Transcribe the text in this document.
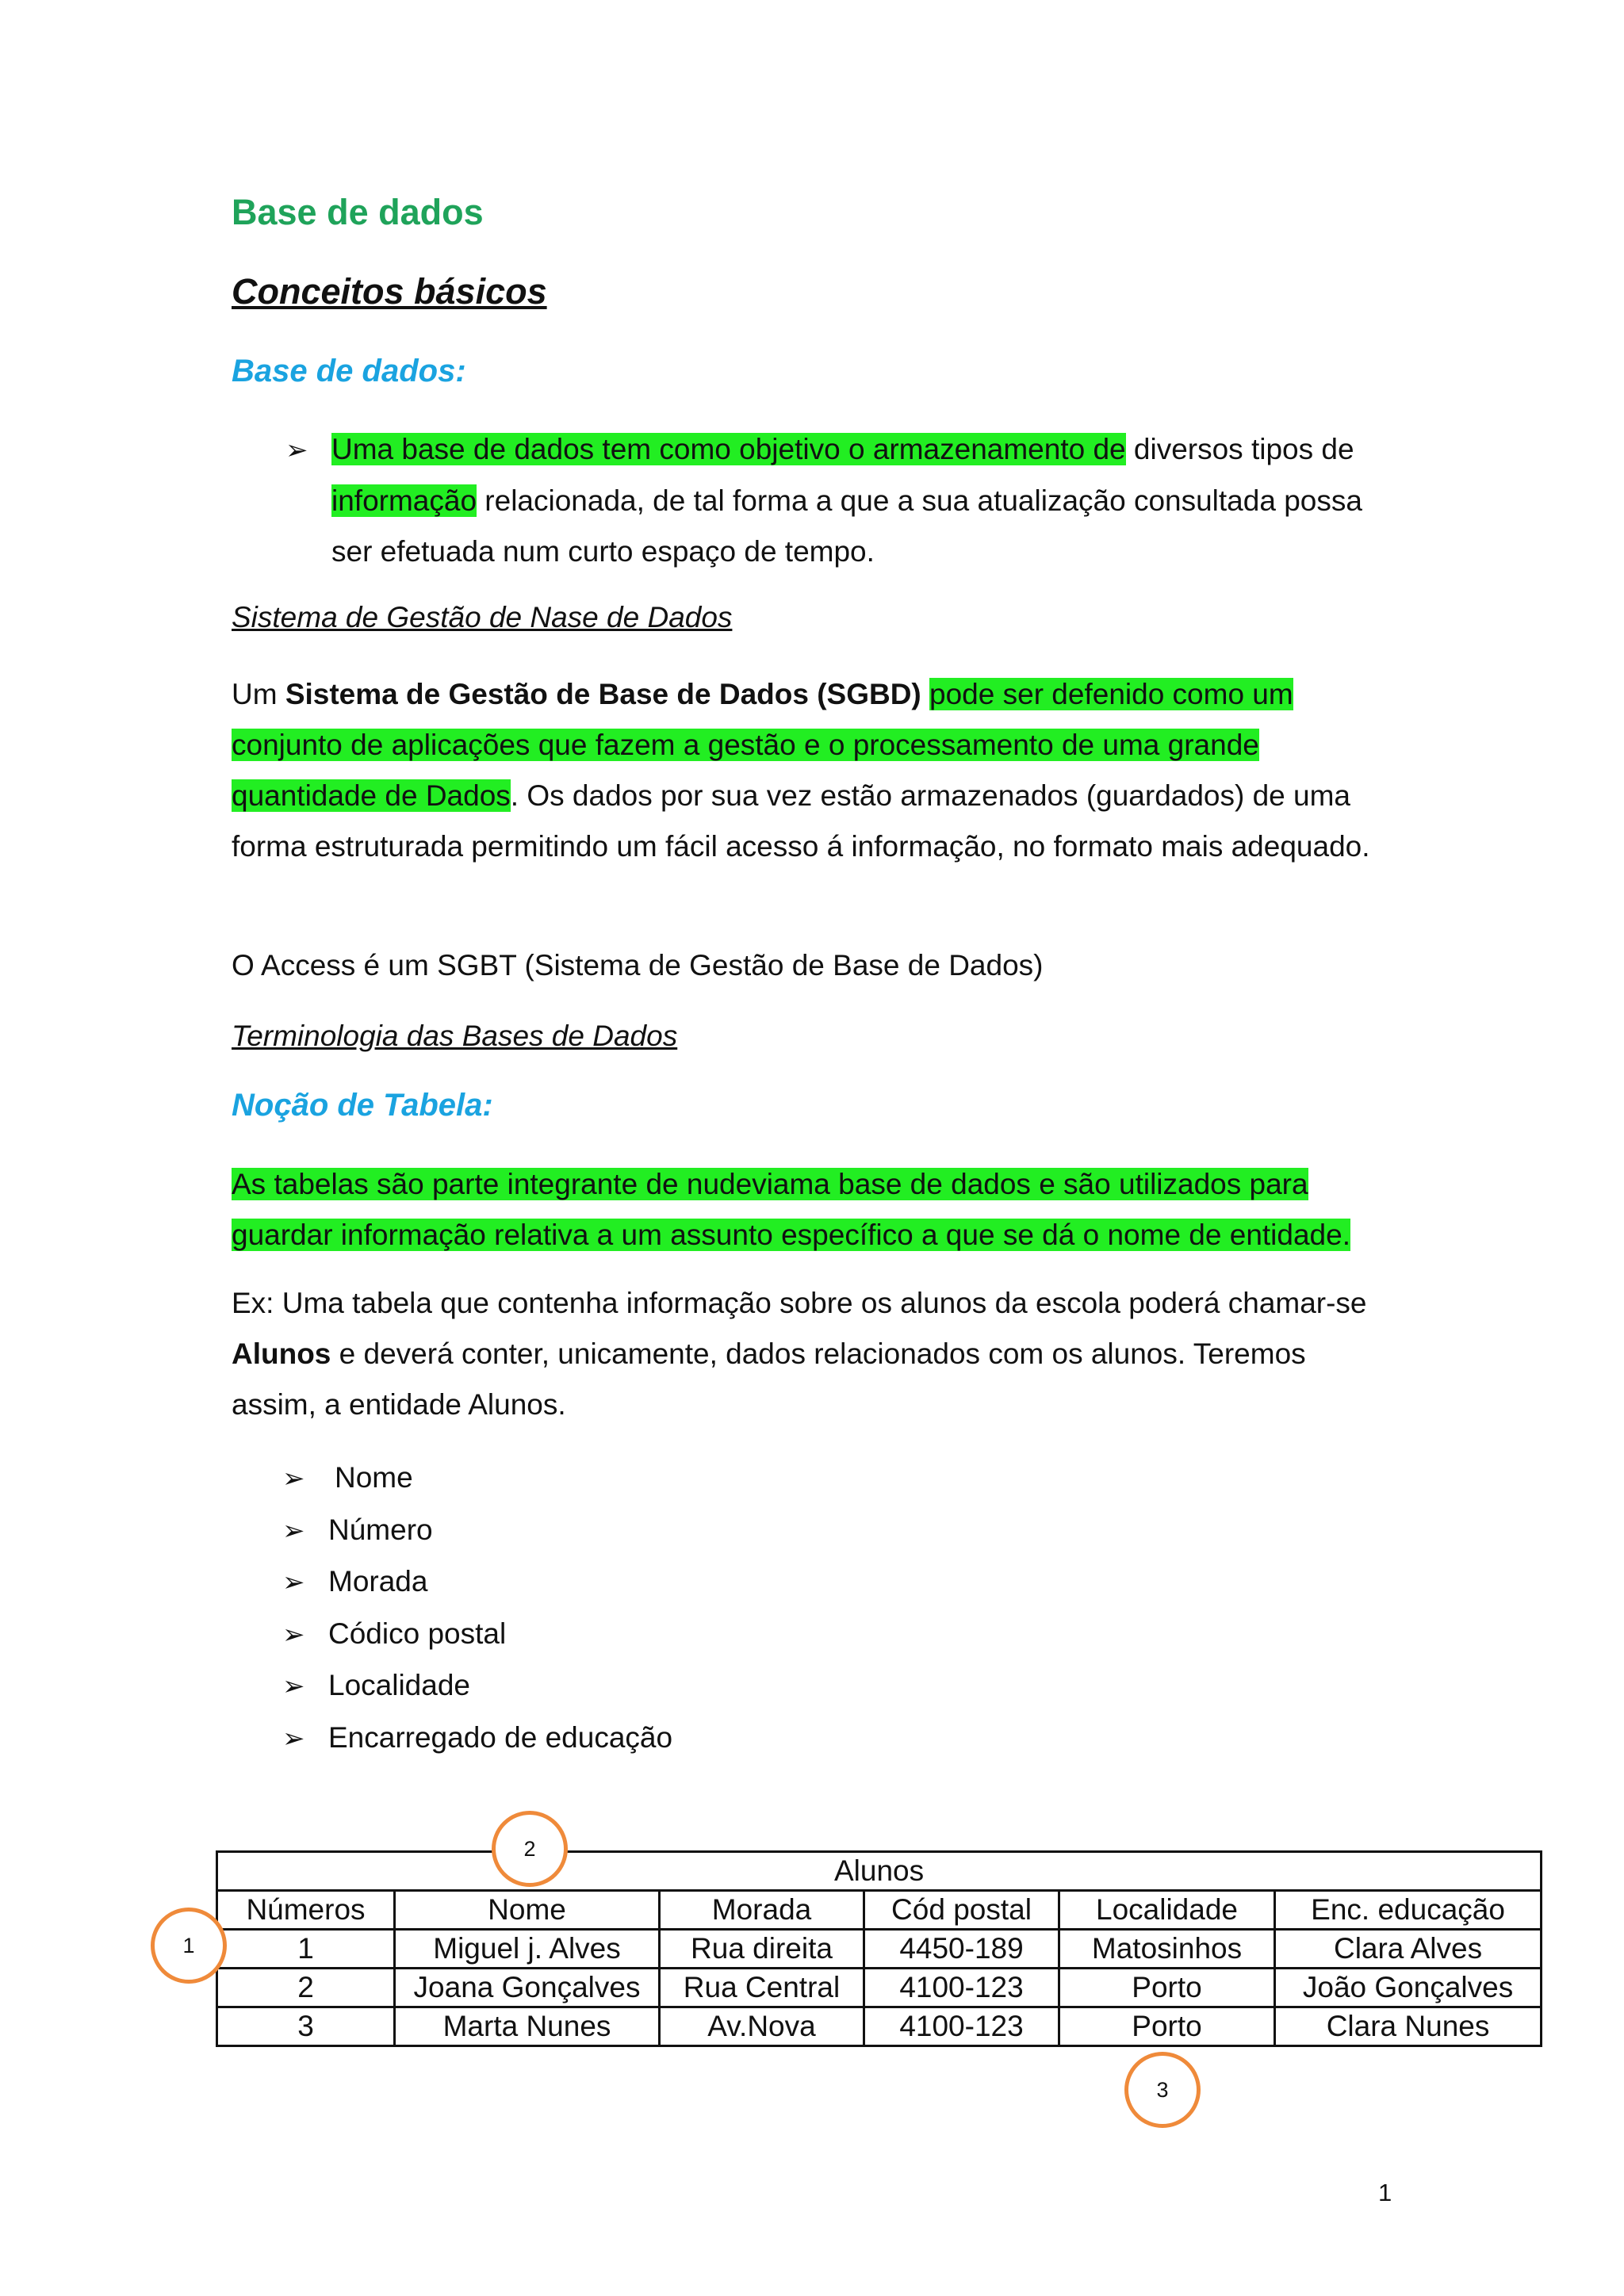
Base de dados
Conceitos básicos
Base de dados:
➢ Uma base de dados tem como objetivo o armazenamento de diversos tipos de
informação relacionada, de tal forma a que a sua atualização consultada possa
ser efetuada num curto espaço de tempo.
Sistema de Gestão de Nase de Dados

Um Sistema de Gestão de Base de Dados (SGBD) pode ser defenido como um conjunto de aplicações que fazem a gestão e o processamento de uma grande quantidade de Dados. Os dados por sua vez estão armazenados (guardados) de uma forma estruturada permitindo um fácil acesso á informação, no formato mais adequado.

O Access é um SGBT (Sistema de Gestão de Base de Dados)

Terminologia das Bases de Dados
Noção de Tabela:

As tabelas são parte integrante de nudeviama base de dados e são utilizados para guardar informação relativa a um assunto específico a que se dá o nome de entidade.

Ex: Uma tabela que contenha informação sobre os alunos da escola poderá chamar-se Alunos e deverá conter, unicamente, dados relacionados com os alunos. Teremos assim, a entidade Alunos.

➢ Nome
➢ Número
➢ Morada
➢ Códico postal
➢ Localidade
➢ Encarregado de educação
Alunos					
Números	Nome	Morada	Cód postal	Localidade	Enc. educação
1	Miguel j. Alves	Rua direita	4450-189	Matosinhos	Clara Alves
2	Joana Gonçalves	Rua Central	4100-123	Porto	João Gonçalves
3	Marta Nunes	Av.Nova	4100-123	Porto	Clara Nunes
1
2
3
1
